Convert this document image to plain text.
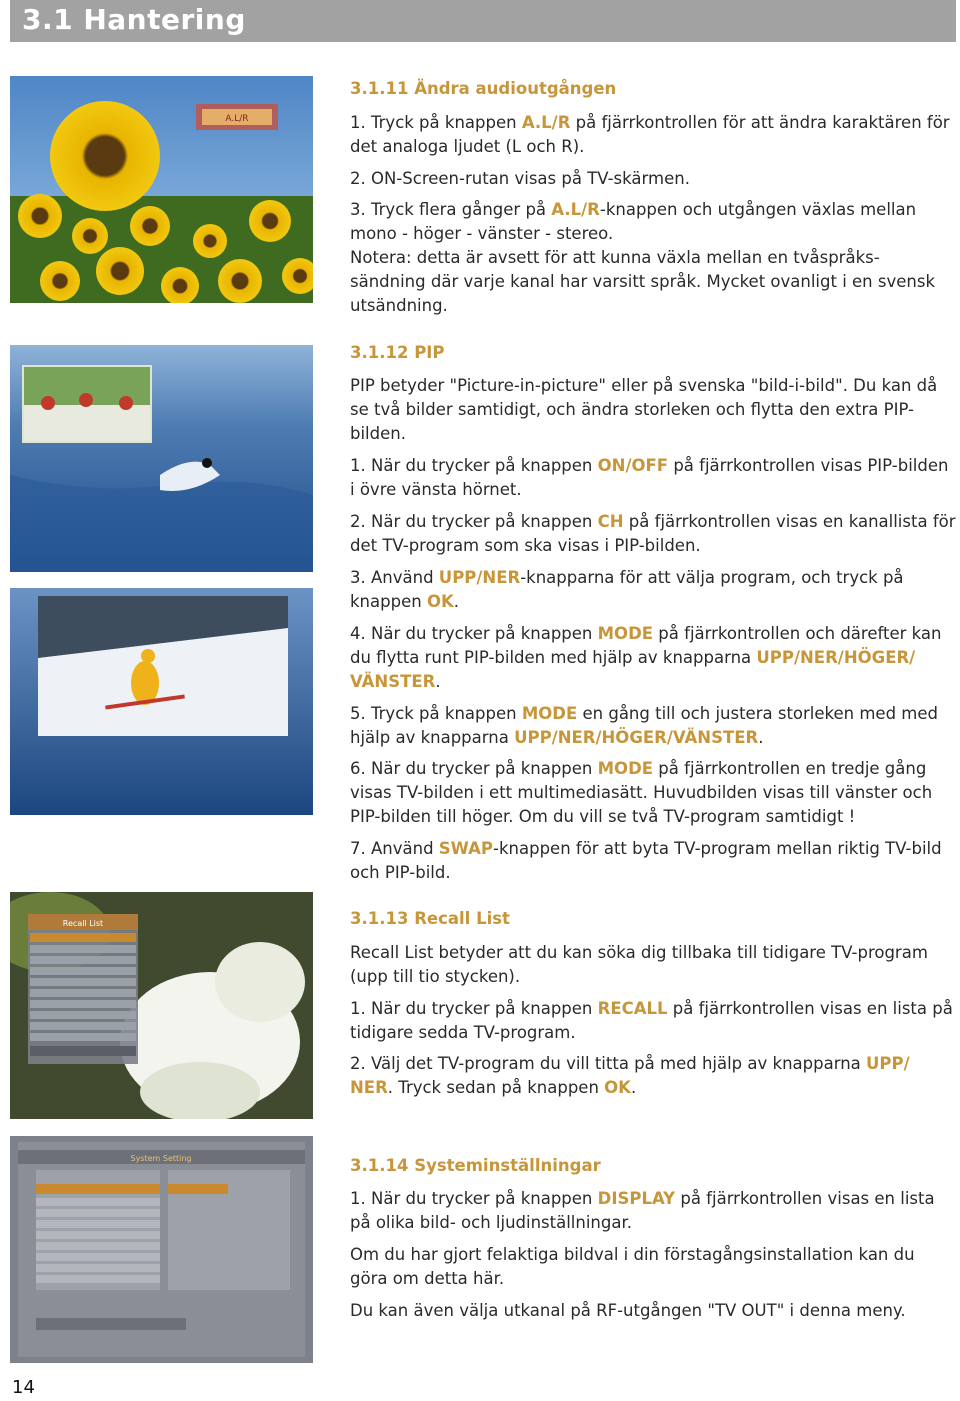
3.1 Hantering
A.L/R
Recall List
System Setting
3.1.11 Ändra audioutgången
1. Tryck på knappen A.L/R på fjärrkontrollen för att ändra karaktären för det analoga ljudet (L och R).
2. ON-Screen-rutan visas på TV-skärmen.
3. Tryck flera gånger på A.L/R-knappen och utgången växlas mellan mono - höger - vänster - stereo.
Notera: detta är avsett för att kunna växla mellan en tvåspråks-sändning där varje kanal har varsitt språk. Mycket ovanligt i en svensk utsändning.
3.1.12 PIP
PIP betyder "Picture-in-picture" eller på svenska "bild-i-bild". Du kan då se två bilder samtidigt, och ändra storleken och flytta den extra PIP-bilden.
1. När du trycker på knappen ON/OFF på fjärrkontrollen visas PIP-bilden i övre vänsta hörnet.
2. När du trycker på knappen CH på fjärrkontrollen visas en kanallista för det TV-program som ska visas i PIP-bilden.
3. Använd UPP/NER-knapparna för att välja program, och tryck på knappen OK.
4. När du trycker på knappen MODE på fjärrkontrollen och därefter kan du flytta runt PIP-bilden med hjälp av knapparna UPP/NER/HÖGER/ VÄNSTER.
5. Tryck på knappen MODE en gång till och justera storleken med med hjälp av knapparna UPP/NER/HÖGER/VÄNSTER.
6. När du trycker på knappen MODE på fjärrkontrollen en tredje gång visas TV-bilden i ett multimediasätt. Huvudbilden visas till vänster och PIP-bilden till höger. Om du vill se två TV-program samtidigt !
7. Använd SWAP-knappen för att byta TV-program mellan riktig TV-bild och PIP-bild.
3.1.13 Recall List
Recall List betyder att du kan söka dig tillbaka till tidigare TV-program (upp till tio stycken).
1. När du trycker på knappen RECALL på fjärrkontrollen visas en lista på tidigare sedda TV-program.
2. Välj det TV-program du vill titta på med hjälp av knapparna UPP/ NER. Tryck sedan på knappen OK.
3.1.14 Systeminställningar
1. När du trycker på knappen DISPLAY på fjärrkontrollen visas en lista på olika bild- och ljudinställningar.
Om du har gjort felaktiga bildval i din förstagångsinstallation kan du göra om detta här.
Du kan även välja utkanal på RF-utgången "TV OUT" i denna meny.
14
